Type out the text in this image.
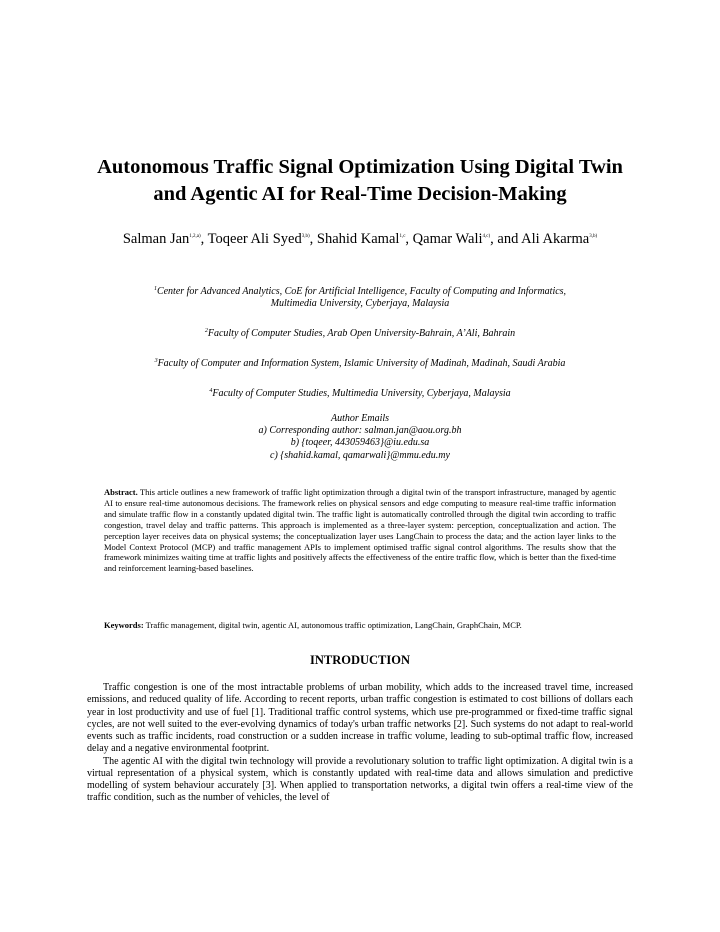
Autonomous Traffic Signal Optimization Using Digital Twin
and Agentic AI for Real-Time Decision-Making
Salman Jan$^{1,2,a)}$, Toqeer Ali Syed$^{3,b)}$, Shahid Kamal$^{1,c}$, Qamar Wali$^{4,c)}$, and Ali Akarma$^{3,b)}$
$^1$Center for Advanced Analytics, CoE for Artificial Intelligence, Faculty of Computing and Informatics,
Multimedia University, Cyberjaya, Malaysia
$^2$Faculty of Computer Studies, Arab Open University-Bahrain, A’Ali, Bahrain
$^3$Faculty of Computer and Information System, Islamic University of Madinah, Madinah, Saudi Arabia
$^4$Faculty of Computer Studies, Multimedia University, Cyberjaya, Malaysia
Author Emails
a) Corresponding author: salman.jan@aou.org.bh
b) {toqeer, 443059463}@iu.edu.sa
c) {shahid.kamal, qamarwali}@mmu.edu.my
Abstract. This article outlines a new framework of traffic light optimization through a digital twin of the transport infrastructure, managed by agentic AI to ensure real-time autonomous decisions. The framework relies on physical sensors and edge computing to measure real-time traffic information and simulate traffic flow in a constantly updated digital twin. The traffic light is automatically controlled through the digital twin according to traffic congestion, travel delay and traffic patterns. This approach is implemented as a three-layer system: perception, conceptualization and action. The perception layer receives data on physical systems; the conceptualization layer uses LangChain to process the data; and the action layer links to the Model Context Protocol (MCP) and traffic management APIs to implement optimised traffic signal control algorithms. The results show that the framework minimizes waiting time at traffic lights and positively affects the effectiveness of the entire traffic flow, which is better than the fixed-time and reinforcement learning-based baselines.
Keywords: Traffic management, digital twin, agentic AI, autonomous traffic optimization, LangChain, GraphChain, MCP.
INTRODUCTION

Traffic congestion is one of the most intractable problems of urban mobility, which adds to the increased travel time, increased emissions, and reduced quality of life. According to recent reports, urban traffic congestion is estimated to cost billions of dollars each year in lost productivity and use of fuel [1]. Traditional traffic control systems, which use pre-programmed or fixed-time traffic signal cycles, are not well suited to the ever-evolving dynamics of today's urban traffic networks [2]. Such systems do not adapt to real-world events such as traffic incidents, road construction or a sudden increase in traffic volume, leading to sub-optimal traffic flow, increased delay and a negative environmental footprint.

The agentic AI with the digital twin technology will provide a revolutionary solution to traffic light optimization. A digital twin is a virtual representation of a physical system, which is constantly updated with real-time data and allows simulation and predictive modelling of system behaviour accurately [3]. When applied to transportation networks, a digital twin offers a real-time view of the traffic condition, such as the number of vehicles, the level of
